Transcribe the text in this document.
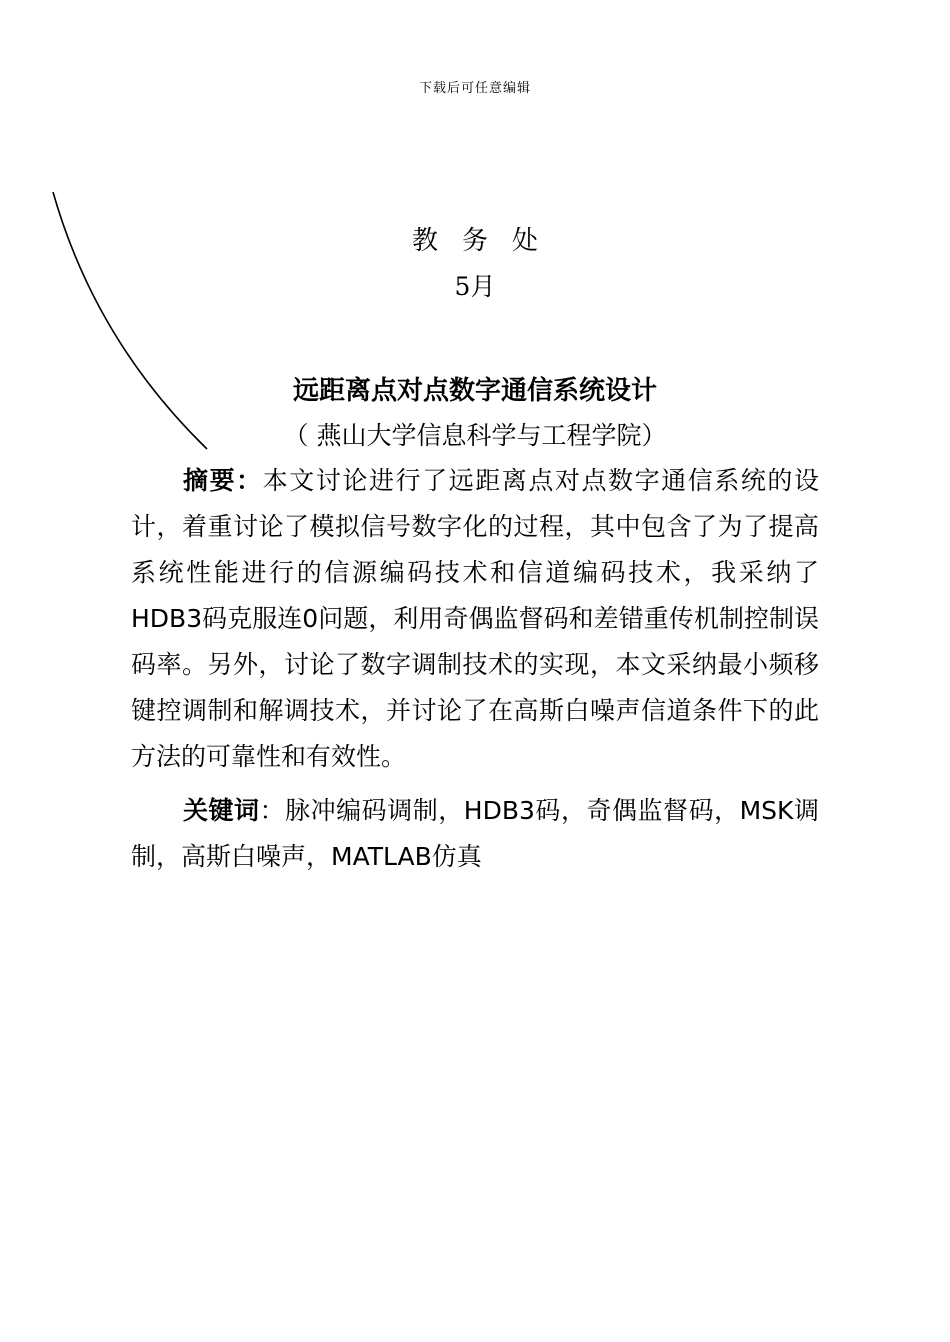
下载后可任意编辑
教务处
5月
远距离点对点数字通信系统设计
（ 燕山大学信息科学与工程学院）
摘要：本文讨论进行了远距离点对点数字通信系统的设计，着重讨论了模拟信号数字化的过程，其中包含了为了提高系统性能进行的信源编码技术和信道编码技术，我采纳了HDB3码克服连0问题，利用奇偶监督码和差错重传机制控制误码率。另外，讨论了数字调制技术的实现，本文采纳最小频移键控调制和解调技术，并讨论了在高斯白噪声信道条件下的此方法的可靠性和有效性。
关键词：脉冲编码调制，HDB3码，奇偶监督码，MSK调制，高斯白噪声，MATLAB仿真
